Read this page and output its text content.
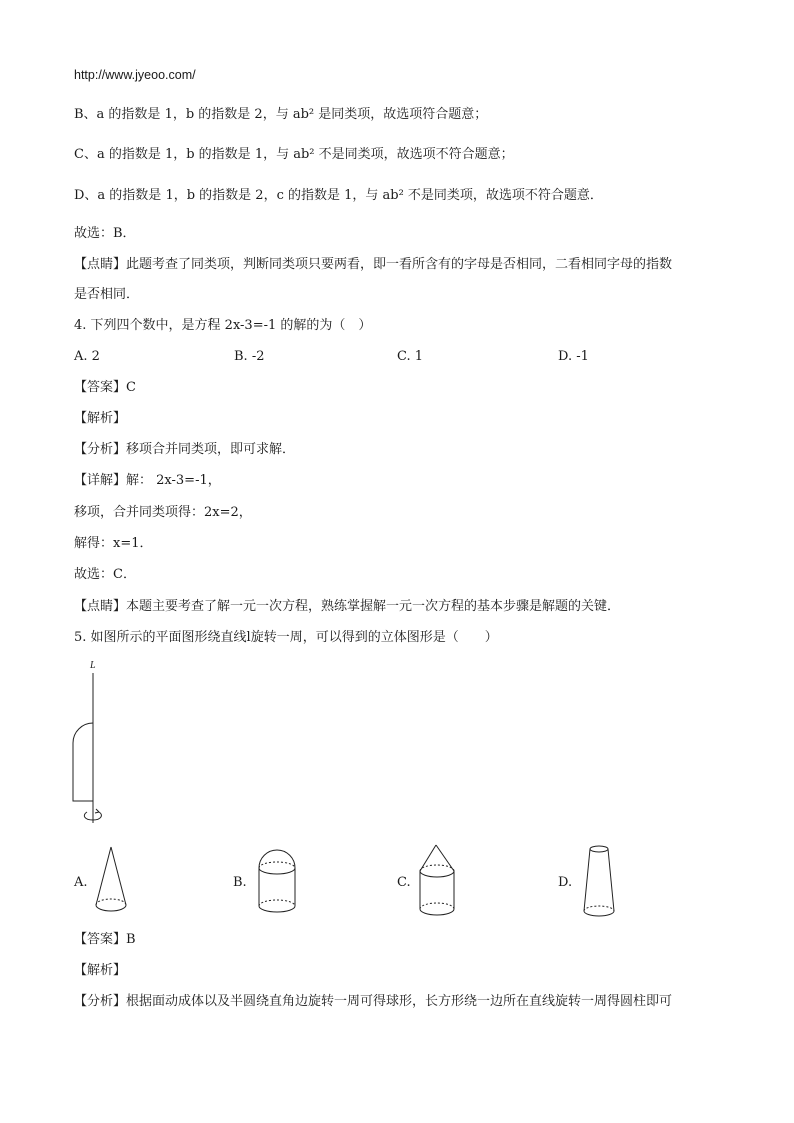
http://www.jyeoo.com/
B、a 的指数是 1，b 的指数是 2，与 ab² 是同类项，故选项符合题意；
C、a 的指数是 1，b 的指数是 1，与 ab² 不是同类项，故选项不符合题意；
D、a 的指数是 1，b 的指数是 2，c 的指数是 1，与 ab² 不是同类项，故选项不符合题意．
故选：B．
【点睛】此题考查了同类项，判断同类项只要两看，即一看所含有的字母是否相同，二看相同字母的指数
是否相同．
4. 下列四个数中，是方程 2x-3=-1 的解的为（　）
A. 2	B. -2	C. 1	D. -1
【答案】C
【解析】
【分析】移项合并同类项，即可求解．
【详解】解： 2x-3=-1，
移项，合并同类项得：2x=2，
解得：x=1．
故选：C．
【点睛】本题主要考查了解一元一次方程，熟练掌握解一元一次方程的基本步骤是解题的关键．
5. 如图所示的平面图形绕直线l旋转一周，可以得到的立体图形是（　　）
L
A.	B.	C.	D.
【答案】B
【解析】
【分析】根据面动成体以及半圆绕直角边旋转一周可得球形，长方形绕一边所在直线旋转一周得圆柱即可
